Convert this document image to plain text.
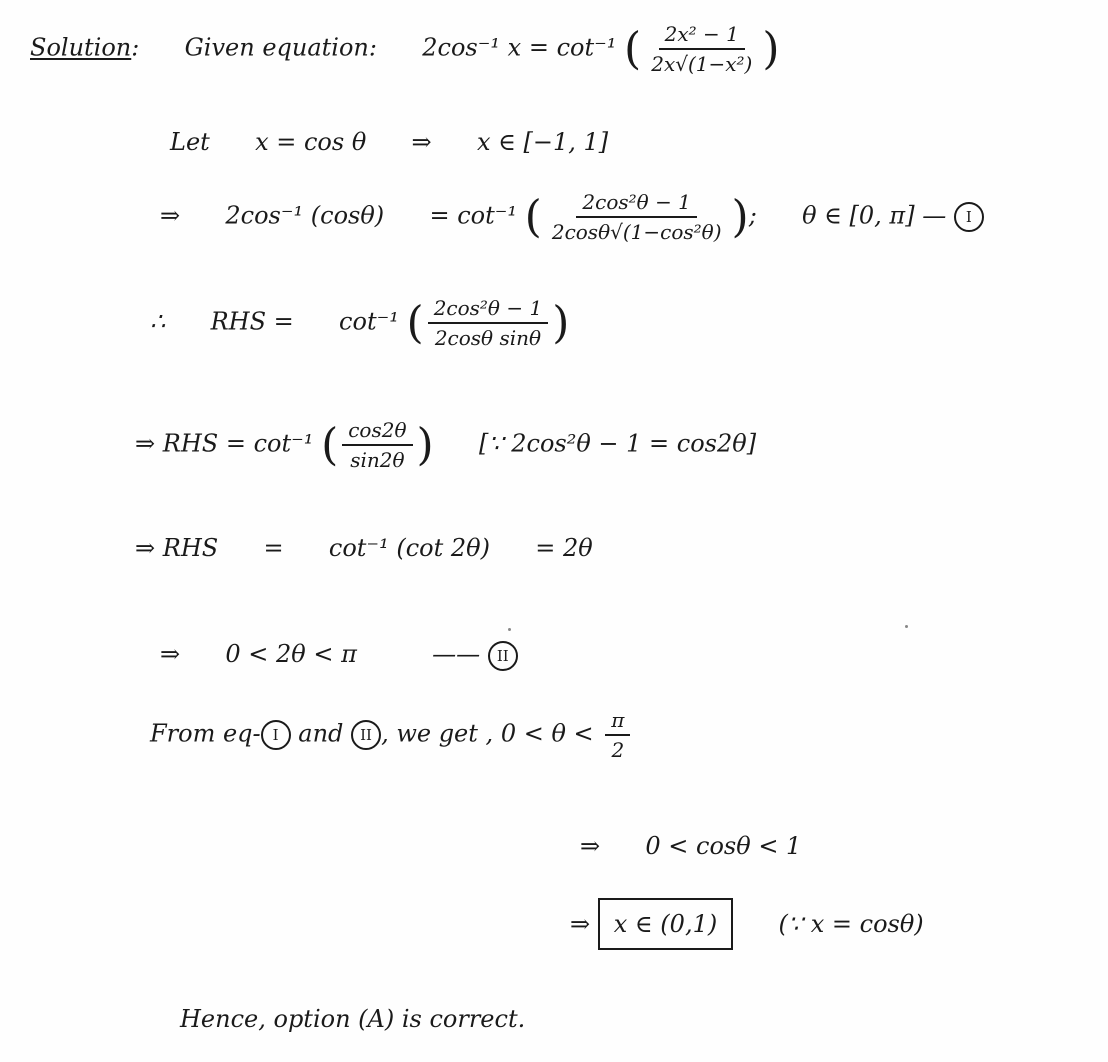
Solution: Given equation: 2cos⁻¹ x = cot⁻¹ ( $\frac{\text{2x² − 1}}{\text{2x√(1−x²)}}$ )
Let x = cos θ ⇒ x ∈ [−1, 1]
⇒ 2cos⁻¹ (cosθ) = cot⁻¹ ( $\frac{\text{2cos²θ − 1}}{\text{2cosθ√(1−cos²θ)}}$ ); θ ∈ [0, π] — I
∴ RHS = cot⁻¹ ( $\frac{\text{2cos²θ − 1}}{\text{2cosθ sinθ}}$ )
⇒ RHS = cot⁻¹ ( $\frac{\cos 2\theta}{\sin 2\theta}$ ) [∵ 2cos²θ − 1 = cos2θ]
⇒ RHS = cot⁻¹ (cot 2θ) = 2θ
⇒ 0 < 2θ < π	—— II
From eq- I and II , we get , $0 < \theta < \frac{\pi}{2}$
⇒ 0 < cosθ < 1
⇒ x ∈ (0,1)	(∵ x = cosθ)
Hence, option (A) is correct.
